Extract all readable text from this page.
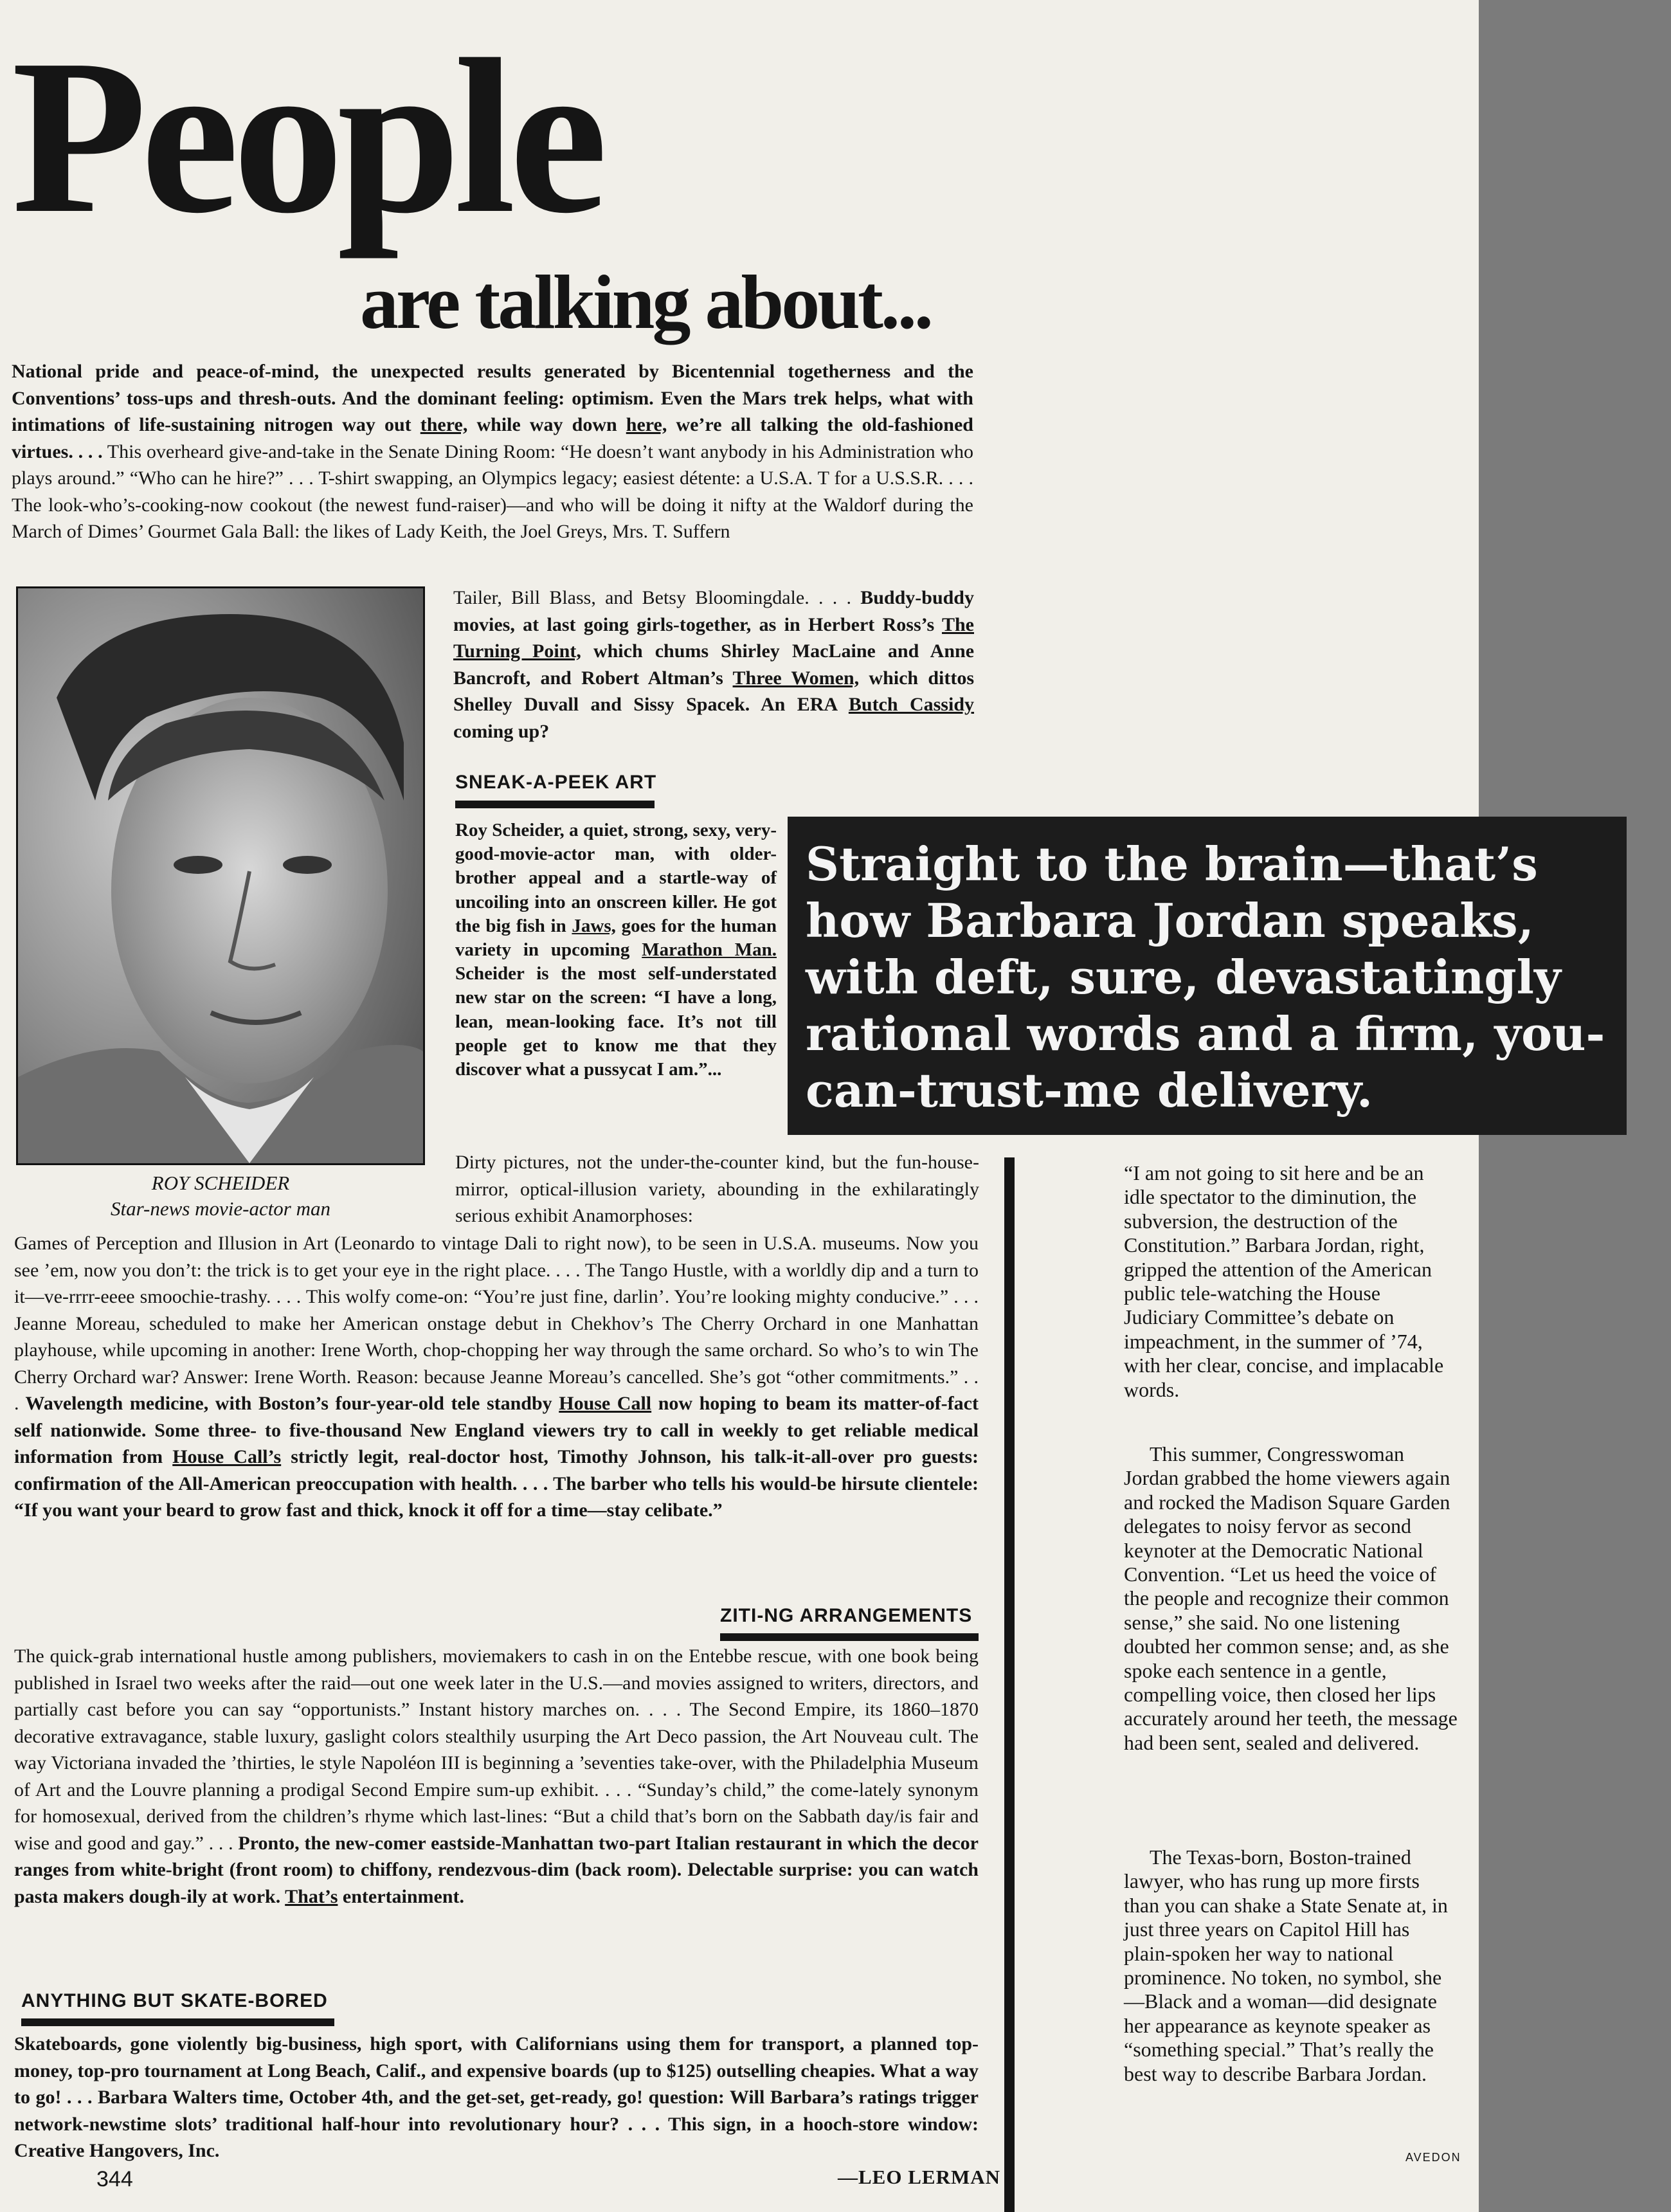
People
are talking about...
National pride and peace-of-mind, the unexpected results generated by Bicentennial togetherness and the Conventions’ toss-ups and thresh-outs. And the dominant feeling: optimism. Even the Mars trek helps, what with intimations of life-sustaining nitrogen way out there, while way down here, we’re all talking the old-fashioned virtues. . . . This overheard give-and-take in the Senate Dining Room: “He doesn’t want anybody in his Administration who plays around.” “Who can he hire?” . . . T-shirt swapping, an Olympics legacy; easiest détente: a U.S.A. T for a U.S.S.R. . . . The look-who’s-cooking-now cookout (the newest fund-raiser)—and who will be doing it nifty at the Waldorf during the March of Dimes’ Gourmet Gala Ball: the likes of Lady Keith, the Joel Greys, Mrs. T. Suffern
ROY SCHEIDER
Star-news movie-actor man
Tailer, Bill Blass, and Betsy Bloomingdale. . . . Buddy-buddy movies, at last going girls-together, as in Herbert Ross’s The Turning Point, which chums Shirley MacLaine and Anne Bancroft, and Robert Altman’s Three Women, which dittos Shelley Duvall and Sissy Spacek. An ERA Butch Cassidy coming up?
SNEAK-A-PEEK ART
Roy Scheider, a quiet, strong, sexy, very-good-movie-actor man, with older-brother appeal and a startle-way of uncoiling into an onscreen killer. He got the big fish in Jaws, goes for the human variety in upcoming Marathon Man. Scheider is the most self-understated new star on the screen: “I have a long, lean, mean-looking face. It’s not till people get to know me that they discover what a pussycat I am.”...
Straight to the brain—that’s how Barbara Jordan speaks, with deft, sure, devastatingly rational words and a firm, you-can-trust-me delivery.
Dirty pictures, not the under-the-counter kind, but the fun-house-mirror, optical-illusion variety, abounding in the exhilaratingly serious exhibit Anamorphoses:
Games of Perception and Illusion in Art (Leonardo to vintage Dali to right now), to be seen in U.S.A. museums. Now you see ’em, now you don’t: the trick is to get your eye in the right place. . . . The Tango Hustle, with a worldly dip and a turn to it—ve-rrrr-eeee smoochie-trashy. . . . This wolfy come-on: “You’re just fine, darlin’. You’re looking mighty conducive.” . . . Jeanne Moreau, scheduled to make her American onstage debut in Chekhov’s The Cherry Orchard in one Manhattan playhouse, while upcoming in another: Irene Worth, chop-chopping her way through the same orchard. So who’s to win The Cherry Orchard war? Answer: Irene Worth. Reason: because Jeanne Moreau’s cancelled. She’s got “other commitments.” . . . Wavelength medicine, with Boston’s four-year-old tele standby House Call now hoping to beam its matter-of-fact self nationwide. Some three- to five-thousand New England viewers try to call in weekly to get reliable medical information from House Call’s strictly legit, real-doctor host, Timothy Johnson, his talk-it-all-over pro guests: confirmation of the All-American preoccupation with health. . . . The barber who tells his would-be hirsute clientele: “If you want your beard to grow fast and thick, knock it off for a time—stay celibate.”
ZITI-NG ARRANGEMENTS
The quick-grab international hustle among publishers, moviemakers to cash in on the Entebbe rescue, with one book being published in Israel two weeks after the raid—out one week later in the U.S.—and movies assigned to writers, directors, and partially cast before you can say “opportunists.” Instant history marches on. . . . The Second Empire, its 1860–1870 decorative extravagance, stable luxury, gaslight colors stealthily usurping the Art Deco passion, the Art Nouveau cult. The way Victoriana invaded the ’thirties, le style Napoléon III is beginning a ’seventies take-over, with the Philadelphia Museum of Art and the Louvre planning a prodigal Second Empire sum-up exhibit. . . . “Sunday’s child,” the come-lately synonym for homosexual, derived from the children’s rhyme which last-lines: “But a child that’s born on the Sabbath day/is fair and wise and good and gay.” . . . Pronto, the new-comer eastside-Manhattan two-part Italian restaurant in which the decor ranges from white-bright (front room) to chiffony, rendezvous-dim (back room). Delectable surprise: you can watch pasta makers dough-ily at work. That’s entertainment.
ANYTHING BUT SKATE-BORED
Skateboards, gone violently big-business, high sport, with Californians using them for transport, a planned top-money, top-pro tournament at Long Beach, Calif., and expensive boards (up to $125) outselling cheapies. What a way to go! . . . Barbara Walters time, October 4th, and the get-set, get-ready, go! question: Will Barbara’s ratings trigger network-newstime slots’ traditional half-hour into revolutionary hour? . . . This sign, in a hooch-store window: Creative Hangovers, Inc.
344	—LEO LERMAN
“I am not going to sit here and be an idle spectator to the diminution, the subversion, the destruction of the Constitution.” Barbara Jordan, right, gripped the attention of the American public tele-watching the House Judiciary Committee’s debate on impeachment, in the summer of ’74, with her clear, concise, and implacable words.
This summer, Congresswoman Jordan grabbed the home viewers again and rocked the Madison Square Garden delegates to noisy fervor as second keynoter at the Democratic National Convention. “Let us heed the voice of the people and recognize their common sense,” she said. No one listening doubted her common sense; and, as she spoke each sentence in a gentle, compelling voice, then closed her lips accurately around her teeth, the message had been sent, sealed and delivered.
The Texas-born, Boston-trained lawyer, who has rung up more firsts than you can shake a State Senate at, in just three years on Capitol Hill has plain-spoken her way to national prominence. No token, no symbol, she—Black and a woman—did designate her appearance as keynote speaker as “something special.” That’s really the best way to describe Barbara Jordan.
AVEDON
